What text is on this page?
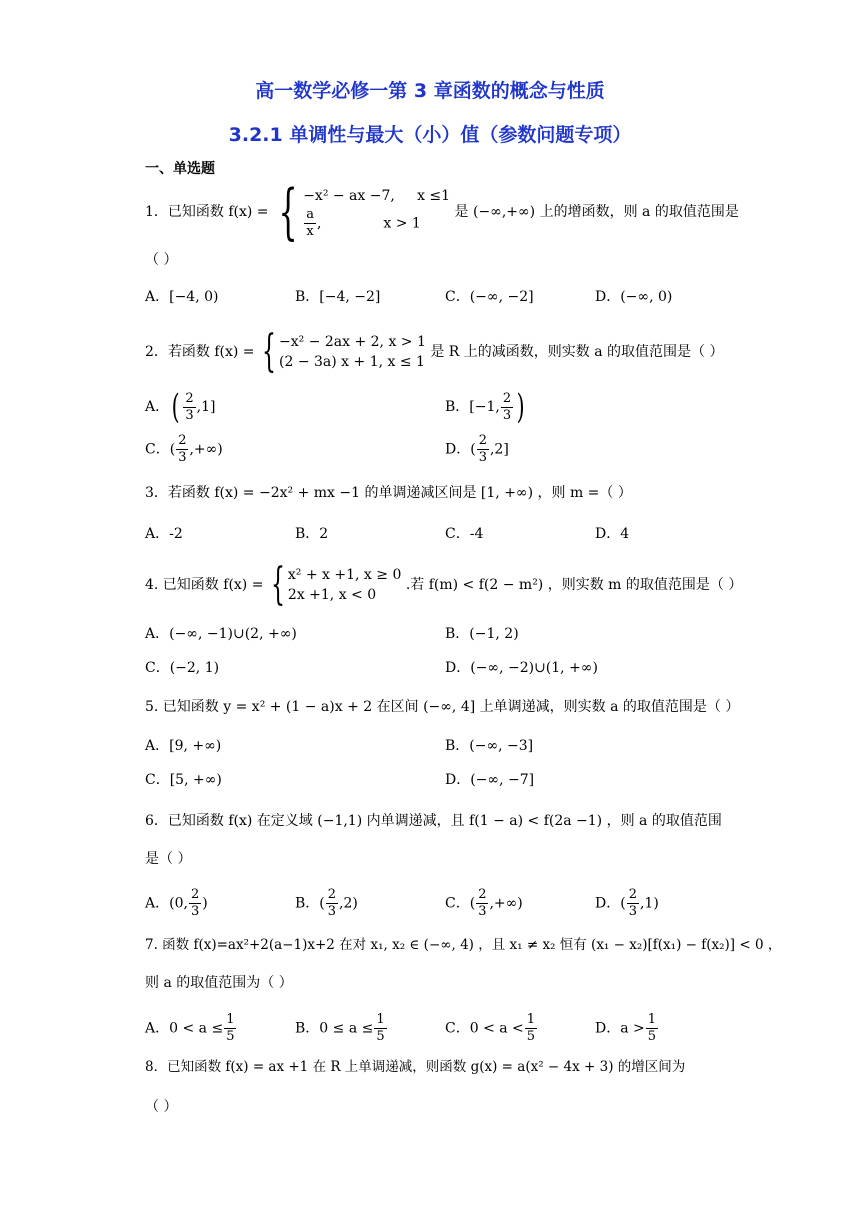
高一数学必修一第 3 章函数的概念与性质
3.2.1 单调性与最大（小）值（参数问题专项）
一、单选题
1．已知函数 f(x) = { −x² − ax −7,     x ≤1
$\frac{a}{x}$ ,	x > 1
是 (−∞,+∞) 上的增函数，则 a 的取值范围是
（ ）
A．[−4, 0)	B．[−4, −2]	C．(−∞, −2]	D．(−∞, 0)
2．若函数 f(x) = { −x² − 2ax + 2, x > 1
(2 − 3a) x + 1, x ≤ 1
是 R 上的减函数，则实数 a 的取值范围是（ ）
A．( $\frac{2}{3} ,1$]	B．[−1, $\frac{2}{3}$ )
C．( $\frac{2}{3}$ ,+∞)	D．( $\frac{2}{3} ,2$]
3．若函数 f(x) = −2x² + mx −1 的单调递减区间是 [1, +∞) ，则 m =（ ）
A．-2	B．2	C．-4	D．4
4. 已知函数 f(x) = { x² + x +1, x ≥ 0
2x +1, x < 0
.若 f(m) < f(2 − m²) ，则实数 m 的取值范围是（ ）
A．(−∞, −1)∪(2, +∞)	B．(−1, 2)
C．(−2, 1)	D．(−∞, −2)∪(1, +∞)
5. 已知函数 y = x² + (1 − a)x + 2 在区间 (−∞, 4] 上单调递减，则实数 a 的取值范围是（ ）
A．[9, +∞)	B．(−∞, −3]
C．[5, +∞)	D．(−∞, −7]
6．已知函数 f(x) 在定义域 (−1,1) 内单调递减，且 f(1 − a) < f(2a −1) ，则 a 的取值范围
是（ ）
A．(0, $\frac{2}{3}$ )	B．( $\frac{2}{3} ,2$)	C．( $\frac{2}{3}$ ,+∞)	D．( $\frac{2}{3} ,1$)
7. 函数 f(x)=ax²+2(a−1)x+2 在对 x₁, x₂ ∈ (−∞, 4) ，且 x₁ ≠ x₂ 恒有 (x₁ − x₂)[f(x₁) − f(x₂)] < 0 ，
则 a 的取值范围为（ ）
A．$0 < a \le \frac{1}{5}$	B．$0 \le a \le \frac{1}{5}$	C．$0 < a < \frac{1}{5}$	D．$a > \frac{1}{5}$
8．已知函数 f(x) = ax +1 在 R 上单调递减，则函数 g(x) = a(x² − 4x + 3) 的增区间为
（ ）
